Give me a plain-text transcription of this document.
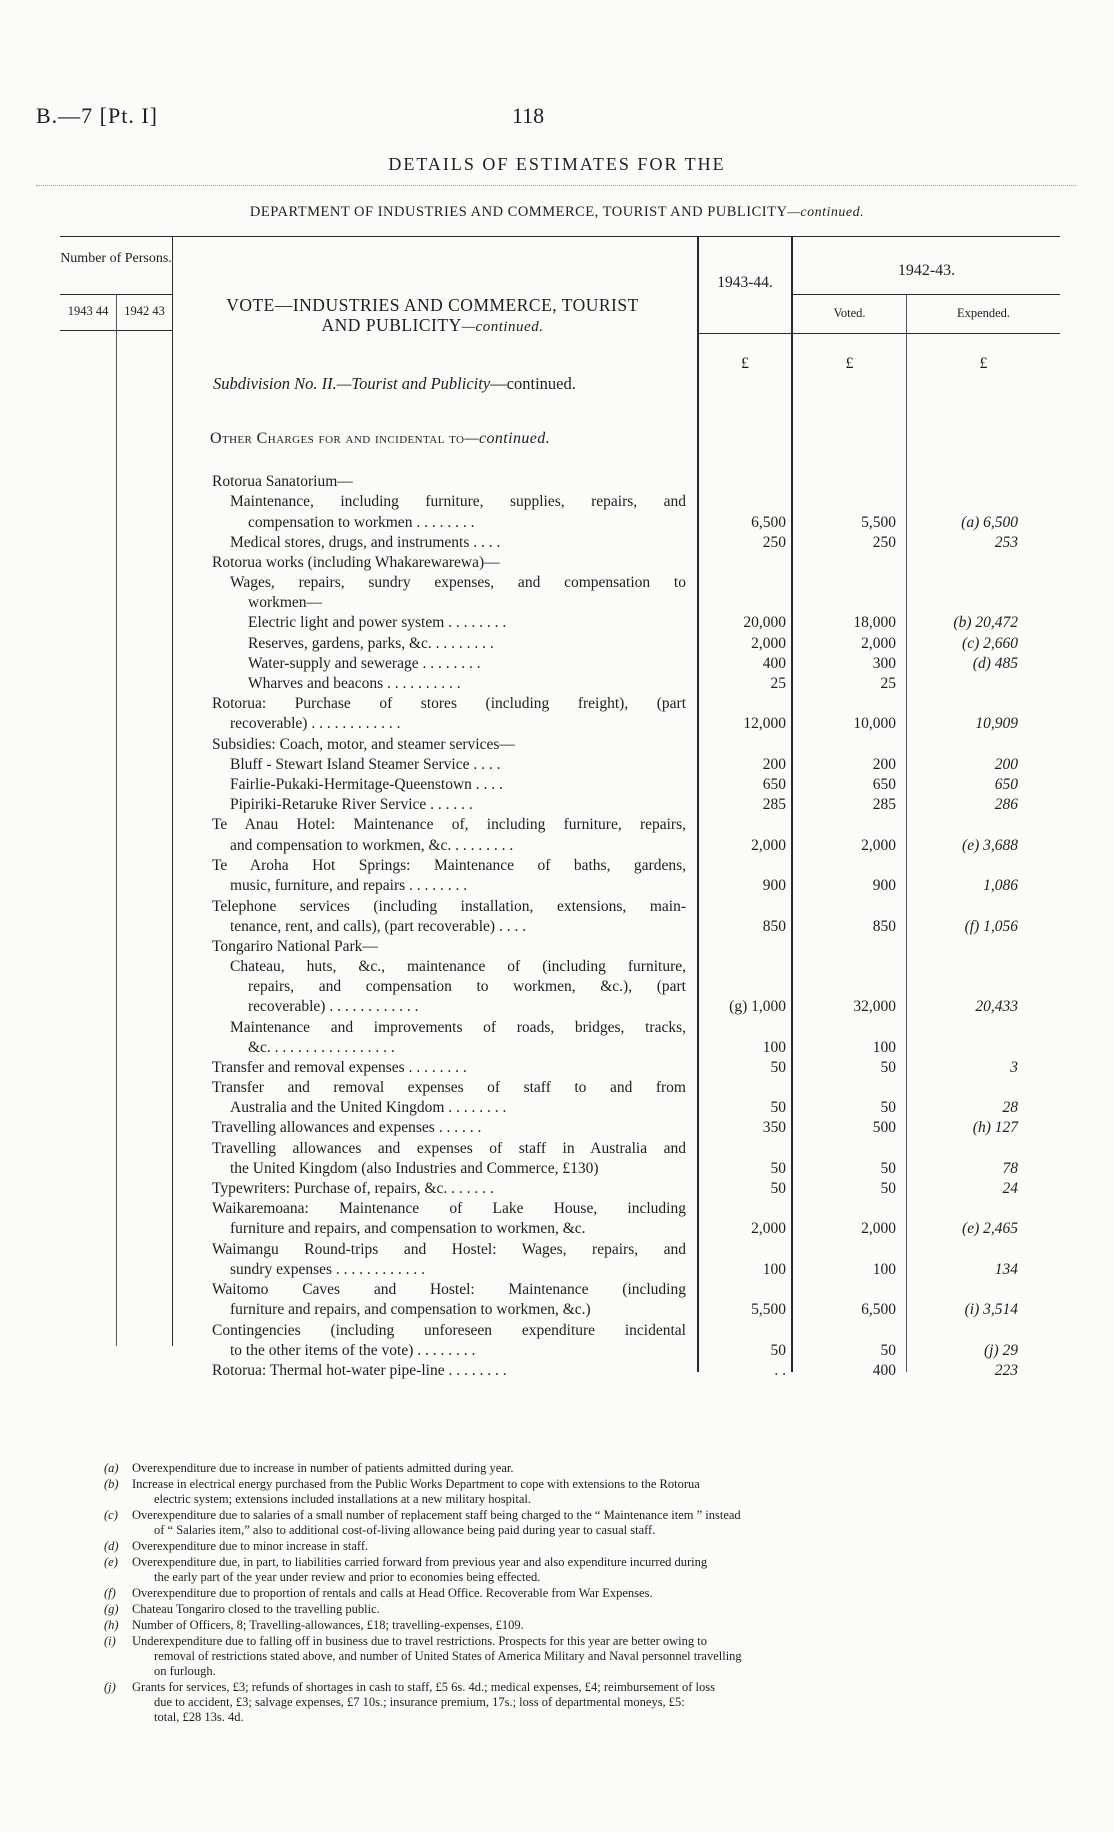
B.—7 [Pt. I]	118
DETAILS OF ESTIMATES FOR THE
DEPARTMENT OF INDUSTRIES AND COMMERCE, TOURIST AND PUBLICITY—continued.
Number of Persons.
1943 44	1942 43	VOTE—INDUSTRIES AND COMMERCE, TOURIST
AND PUBLICITY—continued.
1943-44.
1942-43.
Voted.	Expended.
£	£	£
Subdivision No. II.—Tourist and Publicity—continued.
Other Charges for and incidental to—continued.
Rotorua Sanatorium—
Maintenance, including furniture, supplies, repairs, and
compensation to workmen . . . . . . . .	6,500	5,500	(a) 6,500
Medical stores, drugs, and instruments . . . .	250	250	253
Rotorua works (including Whakarewarewa)—
Wages, repairs, sundry expenses, and compensation to
workmen—
Electric light and power system . . . . . . . .	20,000	18,000	(b) 20,472
Reserves, gardens, parks, &c. . . . . . . . .	2,000	2,000	(c) 2,660
Water-supply and sewerage . . . . . . . .	400	300	(d) 485
Wharves and beacons . . . . . . . . . .	25	25
Rotorua: Purchase of stores (including freight), (part
recoverable) . . . . . . . . . . . .	12,000	10,000	10,909
Subsidies: Coach, motor, and steamer services—
Bluff - Stewart Island Steamer Service . . . .	200	200	200
Fairlie-Pukaki-Hermitage-Queenstown . . . .	650	650	650
Pipiriki-Retaruke River Service . . . . . .	285	285	286
Te Anau Hotel: Maintenance of, including furniture, repairs,
and compensation to workmen, &c. . . . . . . . .	2,000	2,000	(e) 3,688
Te Aroha Hot Springs: Maintenance of baths, gardens,
music, furniture, and repairs . . . . . . . .	900	900	1,086
Telephone services (including installation, extensions, main-
tenance, rent, and calls), (part recoverable) . . . .	850	850	(f) 1,056
Tongariro National Park—
Chateau, huts, &c., maintenance of (including furniture,
repairs, and compensation to workmen, &c.), (part
recoverable) . . . . . . . . . . . .	(g) 1,000	32,000	20,433
Maintenance and improvements of roads, bridges, tracks,
&c. . . . . . . . . . . . . . . . .	100	100
Transfer and removal expenses . . . . . . . .	50	50	3
Transfer and removal expenses of staff to and from
Australia and the United Kingdom . . . . . . . .	50	50	28
Travelling allowances and expenses . . . . . .	350	500	(h) 127
Travelling allowances and expenses of staff in Australia and
the United Kingdom (also Industries and Commerce, £130)	50	50	78
Typewriters: Purchase of, repairs, &c. . . . . . .	50	50	24
Waikaremoana: Maintenance of Lake House, including
furniture and repairs, and compensation to workmen, &c.	2,000	2,000	(e) 2,465
Waimangu Round-trips and Hostel: Wages, repairs, and
sundry expenses . . . . . . . . . . . .	100	100	134
Waitomo Caves and Hostel: Maintenance (including
furniture and repairs, and compensation to workmen, &c.)	5,500	6,500	(i) 3,514
Contingencies (including unforeseen expenditure incidental
to the other items of the vote) . . . . . . . .	50	50	(j) 29
Rotorua: Thermal hot-water pipe-line . . . . . . . .	. .	400	223
(a) Overexpenditure due to increase in number of patients admitted during year.
(b) Increase in electrical energy purchased from the Public Works Department to cope with extensions to the Rotorua
electric system; extensions included installations at a new military hospital.
(c) Overexpenditure due to salaries of a small number of replacement staff being charged to the “ Maintenance item ” instead
of “ Salaries item,” also to additional cost-of-living allowance being paid during year to casual staff.
(d) Overexpenditure due to minor increase in staff.
(e) Overexpenditure due, in part, to liabilities carried forward from previous year and also expenditure incurred during
the early part of the year under review and prior to economies being effected.
(f) Overexpenditure due to proportion of rentals and calls at Head Office. Recoverable from War Expenses.
(g) Chateau Tongariro closed to the travelling public.
(h) Number of Officers, 8; Travelling-allowances, £18; travelling-expenses, £109.
(i) Underexpenditure due to falling off in business due to travel restrictions. Prospects for this year are better owing to
removal of restrictions stated above, and number of United States of America Military and Naval personnel travelling
on furlough.
(j) Grants for services, £3; refunds of shortages in cash to staff, £5 6s. 4d.; medical expenses, £4; reimbursement of loss
due to accident, £3; salvage expenses, £7 10s.; insurance premium, 17s.; loss of departmental moneys, £5:
total, £28 13s. 4d.
